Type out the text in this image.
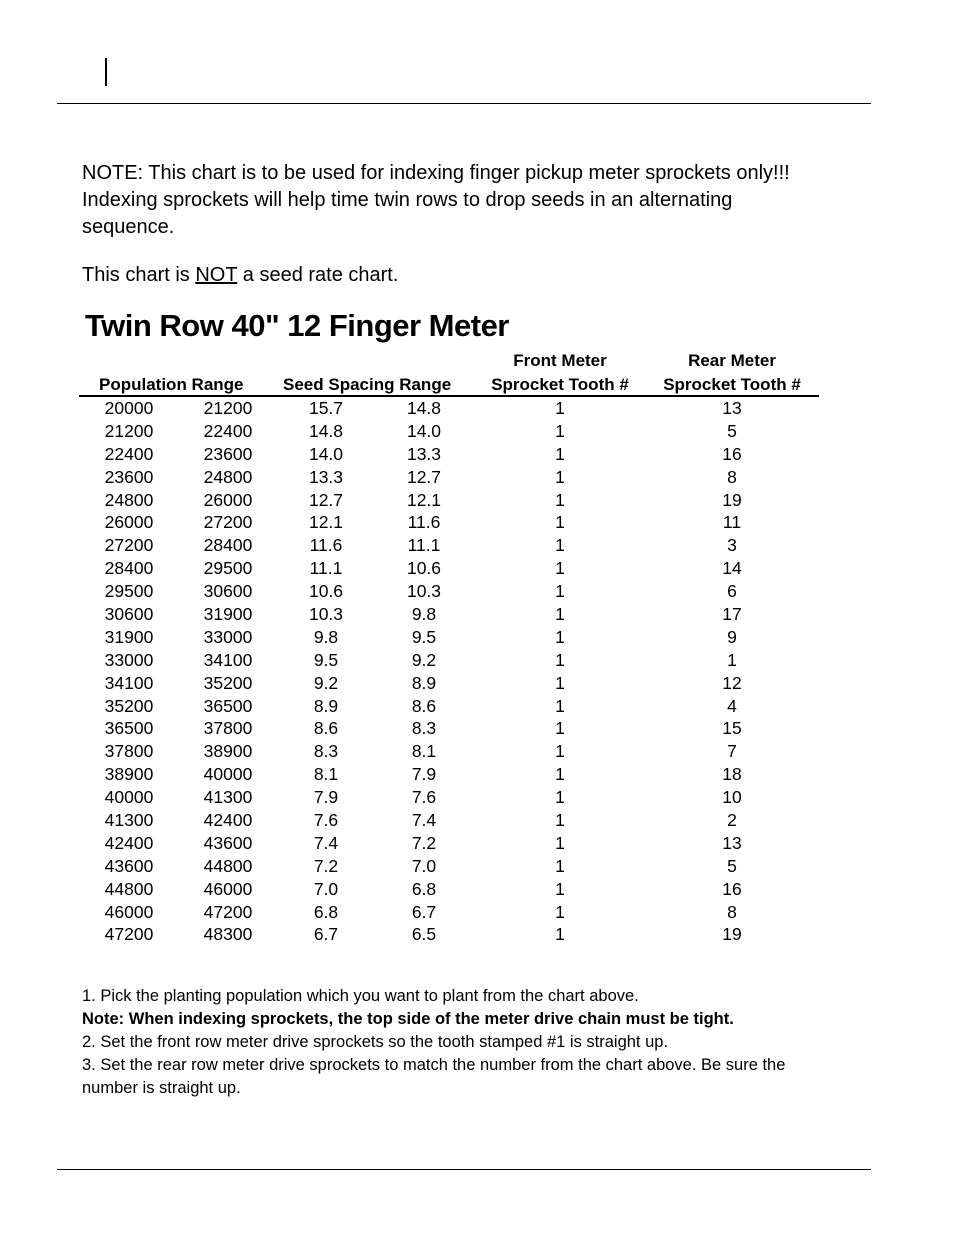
NOTE: This chart is to be used for indexing finger pickup meter sprockets only!!! Indexing sprockets will help time twin rows to drop seeds in an alternating sequence.

This chart is NOT a seed rate chart.

Twin Row 40" 12 Finger Meter
Population Range Seed Spacing Range
Front Meter
Sprocket Tooth #
Rear Meter
Sprocket Tooth #
20000	21200	15.7	14.8	1	13
21200	22400	14.8	14.0	1	5
22400	23600	14.0	13.3	1	16
23600	24800	13.3	12.7	1	8
24800	26000	12.7	12.1	1	19
26000	27200	12.1	11.6	1	11
27200	28400	11.6	11.1	1	3
28400	29500	11.1	10.6	1	14
29500	30600	10.6	10.3	1	6
30600	31900	10.3	9.8	1	17
31900	33000	9.8	9.5	1	9
33000	34100	9.5	9.2	1	1
34100	35200	9.2	8.9	1	12
35200	36500	8.9	8.6	1	4
36500	37800	8.6	8.3	1	15
37800	38900	8.3	8.1	1	7
38900	40000	8.1	7.9	1	18
40000	41300	7.9	7.6	1	10
41300	42400	7.6	7.4	1	2
42400	43600	7.4	7.2	1	13
43600	44800	7.2	7.0	1	5
44800	46000	7.0	6.8	1	16
46000	47200	6.8	6.7	1	8
47200	48300	6.7	6.5	1	19

1. Pick the planting population which you want to plant from the chart above.

Note: When indexing sprockets, the top side of the meter drive chain must be tight.

2. Set the front row meter drive sprockets so the tooth stamped #1 is straight up.

3. Set the rear row meter drive sprockets to match the number from the chart above. Be sure the number is straight up.
